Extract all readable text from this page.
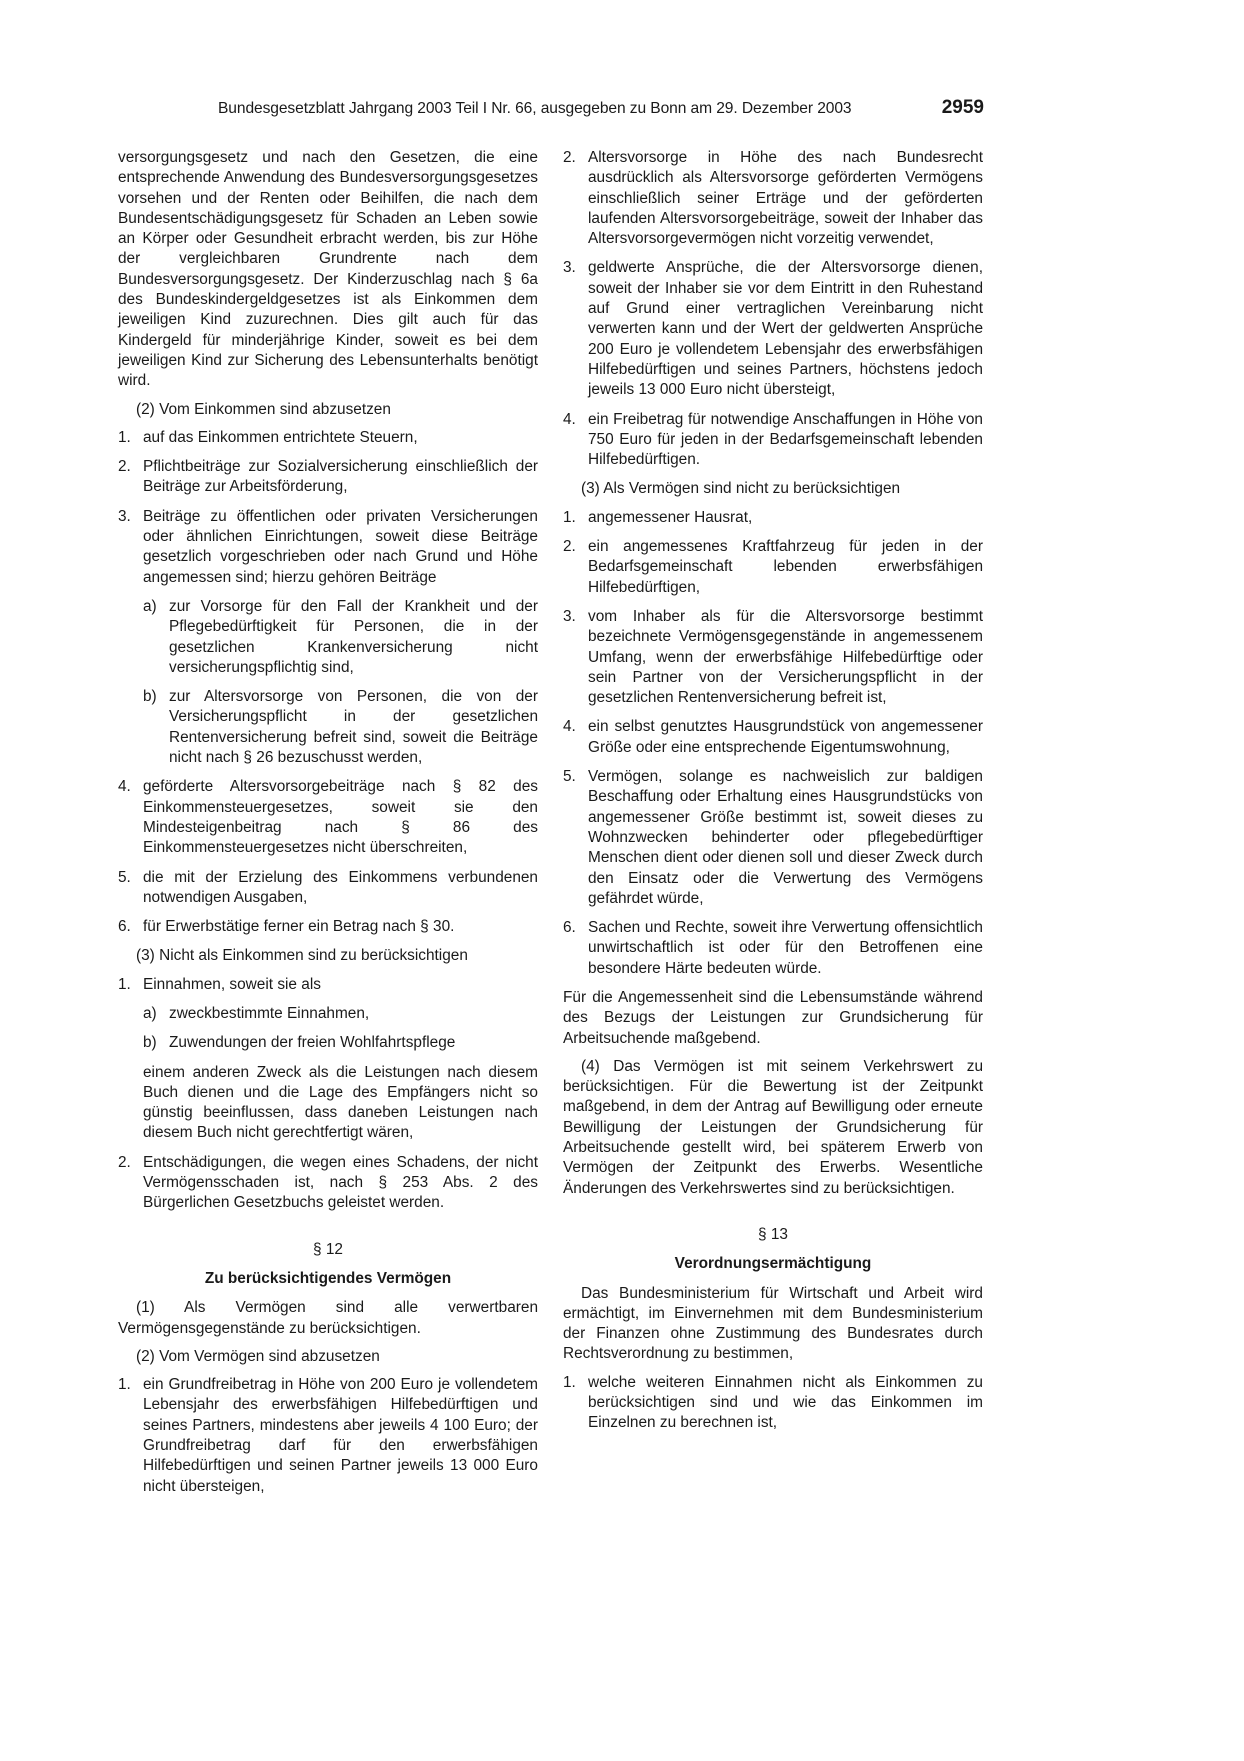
Bundesgesetzblatt Jahrgang 2003 Teil I Nr. 66, ausgegeben zu Bonn am 29. Dezember 2003	2959

versorgungsgesetz und nach den Gesetzen, die eine entsprechende Anwendung des Bundesversorgungsgesetzes vorsehen und der Renten oder Beihilfen, die nach dem Bundesentschädigungsgesetz für Schaden an Leben sowie an Körper oder Gesundheit erbracht werden, bis zur Höhe der vergleichbaren Grundrente nach dem Bundesversorgungsgesetz. Der Kinderzuschlag nach § 6a des Bundeskindergeldgesetzes ist als Einkommen dem jeweiligen Kind zuzurechnen. Dies gilt auch für das Kindergeld für minderjährige Kinder, soweit es bei dem jeweiligen Kind zur Sicherung des Lebensunterhalts benötigt wird.

(2) Vom Einkommen sind abzusetzen

1. auf das Einkommen entrichtete Steuern,
2. Pflichtbeiträge zur Sozialversicherung einschließlich der Beiträge zur Arbeitsförderung,
3. Beiträge zu öffentlichen oder privaten Versicherungen oder ähnlichen Einrichtungen, soweit diese Beiträge gesetzlich vorgeschrieben oder nach Grund und Höhe angemessen sind; hierzu gehören Beiträge
a) zur Vorsorge für den Fall der Krankheit und der Pflegebedürftigkeit für Personen, die in der gesetzlichen Krankenversicherung nicht versicherungspflichtig sind,
b) zur Altersvorsorge von Personen, die von der Versicherungspflicht in der gesetzlichen Rentenversicherung befreit sind, soweit die Beiträge nicht nach § 26 bezuschusst werden,
4. geförderte Altersvorsorgebeiträge nach § 82 des Einkommensteuergesetzes, soweit sie den Mindesteigenbeitrag nach § 86 des Einkommensteuergesetzes nicht überschreiten,
5. die mit der Erzielung des Einkommens verbundenen notwendigen Ausgaben,
6. für Erwerbstätige ferner ein Betrag nach § 30.

(3) Nicht als Einkommen sind zu berücksichtigen

1. Einnahmen, soweit sie als
a) zweckbestimmte Einnahmen,
b) Zuwendungen der freien Wohlfahrtspflege

einem anderen Zweck als die Leistungen nach diesem Buch dienen und die Lage des Empfängers nicht so günstig beeinflussen, dass daneben Leistungen nach diesem Buch nicht gerechtfertigt wären,

2. Entschädigungen, die wegen eines Schadens, der nicht Vermögensschaden ist, nach § 253 Abs. 2 des Bürgerlichen Gesetzbuchs geleistet werden.
§ 12
Zu berücksichtigendes Vermögen

(1) Als Vermögen sind alle verwertbaren Vermögensgegenstände zu berücksichtigen.

(2) Vom Vermögen sind abzusetzen

1. ein Grundfreibetrag in Höhe von 200 Euro je vollendetem Lebensjahr des erwerbsfähigen Hilfebedürftigen und seines Partners, mindestens aber jeweils 4 100 Euro; der Grundfreibetrag darf für den erwerbsfähigen Hilfebedürftigen und seinen Partner jeweils 13 000 Euro nicht übersteigen,
2. Altersvorsorge in Höhe des nach Bundesrecht ausdrücklich als Altersvorsorge geförderten Vermögens einschließlich seiner Erträge und der geförderten laufenden Altersvorsorgebeiträge, soweit der Inhaber das Altersvorsorgevermögen nicht vorzeitig verwendet,
3. geldwerte Ansprüche, die der Altersvorsorge dienen, soweit der Inhaber sie vor dem Eintritt in den Ruhestand auf Grund einer vertraglichen Vereinbarung nicht verwerten kann und der Wert der geldwerten Ansprüche 200 Euro je vollendetem Lebensjahr des erwerbsfähigen Hilfebedürftigen und seines Partners, höchstens jedoch jeweils 13 000 Euro nicht übersteigt,
4. ein Freibetrag für notwendige Anschaffungen in Höhe von 750 Euro für jeden in der Bedarfsgemeinschaft lebenden Hilfebedürftigen.

(3) Als Vermögen sind nicht zu berücksichtigen

1. angemessener Hausrat,
2. ein angemessenes Kraftfahrzeug für jeden in der Bedarfsgemeinschaft lebenden erwerbsfähigen Hilfebedürftigen,
3. vom Inhaber als für die Altersvorsorge bestimmt bezeichnete Vermögensgegenstände in angemessenem Umfang, wenn der erwerbsfähige Hilfebedürftige oder sein Partner von der Versicherungspflicht in der gesetzlichen Rentenversicherung befreit ist,
4. ein selbst genutztes Hausgrundstück von angemessener Größe oder eine entsprechende Eigentumswohnung,
5. Vermögen, solange es nachweislich zur baldigen Beschaffung oder Erhaltung eines Hausgrundstücks von angemessener Größe bestimmt ist, soweit dieses zu Wohnzwecken behinderter oder pflegebedürftiger Menschen dient oder dienen soll und dieser Zweck durch den Einsatz oder die Verwertung des Vermögens gefährdet würde,
6. Sachen und Rechte, soweit ihre Verwertung offensichtlich unwirtschaftlich ist oder für den Betroffenen eine besondere Härte bedeuten würde.

Für die Angemessenheit sind die Lebensumstände während des Bezugs der Leistungen zur Grundsicherung für Arbeitsuchende maßgebend.

(4) Das Vermögen ist mit seinem Verkehrswert zu berücksichtigen. Für die Bewertung ist der Zeitpunkt maßgebend, in dem der Antrag auf Bewilligung oder erneute Bewilligung der Leistungen der Grundsicherung für Arbeitsuchende gestellt wird, bei späterem Erwerb von Vermögen der Zeitpunkt des Erwerbs. Wesentliche Änderungen des Verkehrswertes sind zu berücksichtigen.

§ 13
Verordnungsermächtigung

Das Bundesministerium für Wirtschaft und Arbeit wird ermächtigt, im Einvernehmen mit dem Bundesministerium der Finanzen ohne Zustimmung des Bundesrates durch Rechtsverordnung zu bestimmen,

1. welche weiteren Einnahmen nicht als Einkommen zu berücksichtigen sind und wie das Einkommen im Einzelnen zu berechnen ist,
